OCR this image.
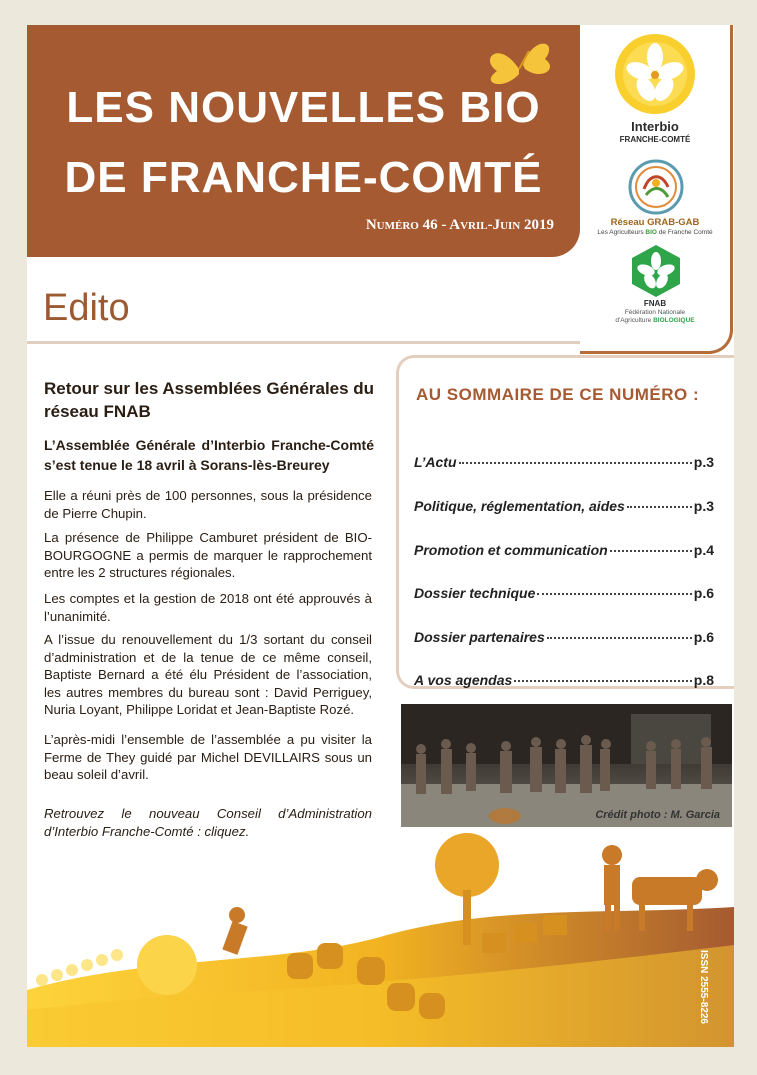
LES NOUVELLES BIO
DE FRANCHE-COMTÉ
Numéro 46 - Avril-Juin 2019
Interbio
FRANCHE-COMTÉ
Réseau GRAB-GAB
Les Agriculteurs BIO de Franche Comté
FNAB
Fédération Nationale
d'Agriculture BIOLOGIQUE
Edito
Retour sur les Assemblées Générales du réseau FNAB
L’Assemblée Générale d’Interbio Franche-Comté s’est tenue le 18 avril à Sorans-lès-Breurey

Elle a réuni près de 100 personnes, sous la présidence de Pierre Chupin.

La présence de Philippe Camburet président de BIO-BOURGOGNE a permis de marquer le rapprochement entre les 2 structures régionales.

Les comptes et la gestion de 2018 ont été approuvés à l’unanimité.

A l’issue du renouvellement du 1/3 sortant du conseil d’administration et de la tenue de ce même conseil, Baptiste Bernard a été élu Président de l’association, les autres membres du bureau sont : David Perriguey, Nuria Loyant, Philippe Loridat et Jean-Baptiste Rozé.

L’après-midi l’ensemble de l’assemblée a pu visiter la Ferme de They guidé par Michel DEVILLAIRS sous un beau soleil d’avril.

Retrouvez le nouveau Conseil d’Administration d’Interbio Franche-Comté : cliquez.

AU SOMMAIRE DE CE NUMÉRO :
L’Actu	p.3
Politique, réglementation, aides	p.3
Promotion et communication	p.4
Dossier technique	p.6
Dossier partenaires	p.6
A vos agendas	p.8
Crédit photo : M. Garcia
ISSN 2555-8226
